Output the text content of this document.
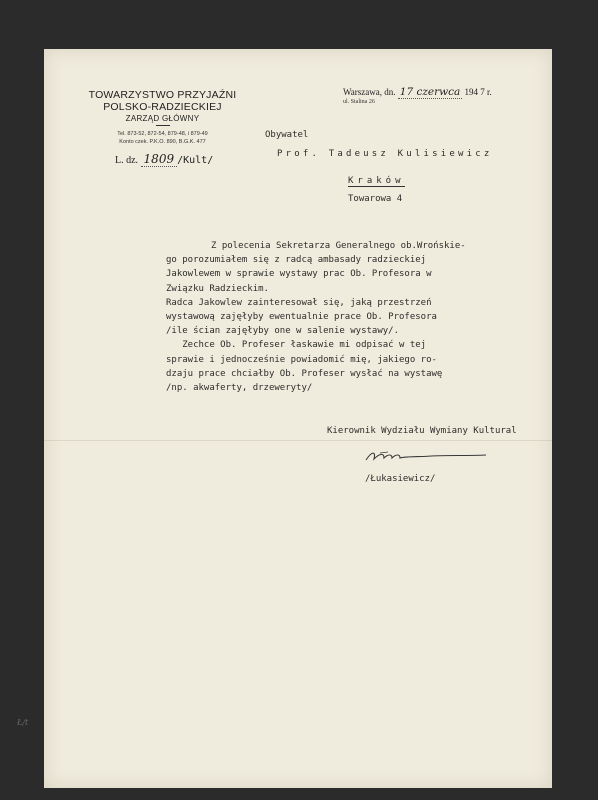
TOWARZYSTWO PRZYJAŹNI
POLSKO-RADZIECKIEJ
ZARZĄD GŁÓWNY
Tel. 873-52, 872-54, 879-48, i 879-49
Konto czek. P.K.O. 890, B.G.K. 477
L. dz. 1809 /Kult/
Warszawa, dn. 17 czerwca 194 7 r.
ul. Stalina 26
Obywatel
Prof. Tadeusz Kulisiewicz
Kraków
Towarowa 4
Z polecenia Sekretarza Generalnego ob.Wrońskie-
go porozumiałem się z radcą ambasady radzieckiej
Jakowlewem w sprawie wystawy prac Ob. Profesora w
Związku Radzieckim.
Radca Jakowlew zainteresował się, jaką przestrzeń
wystawową zajęłyby ewentualnie prace Ob. Profesora
/ile ścian zajęłyby one w salenie wystawy/.
Zechce Ob. Profeser łaskawie mi odpisać w tej
sprawie i jednocześnie powiadomić mię, jakiego ro-
dzaju prace chciałby Ob. Profeser wysłać na wystawę
/np. akwaferty, drzeweryty/
Kierownik Wydziału Wymiany Kultural
/Łukasiewicz/
Ł/t
